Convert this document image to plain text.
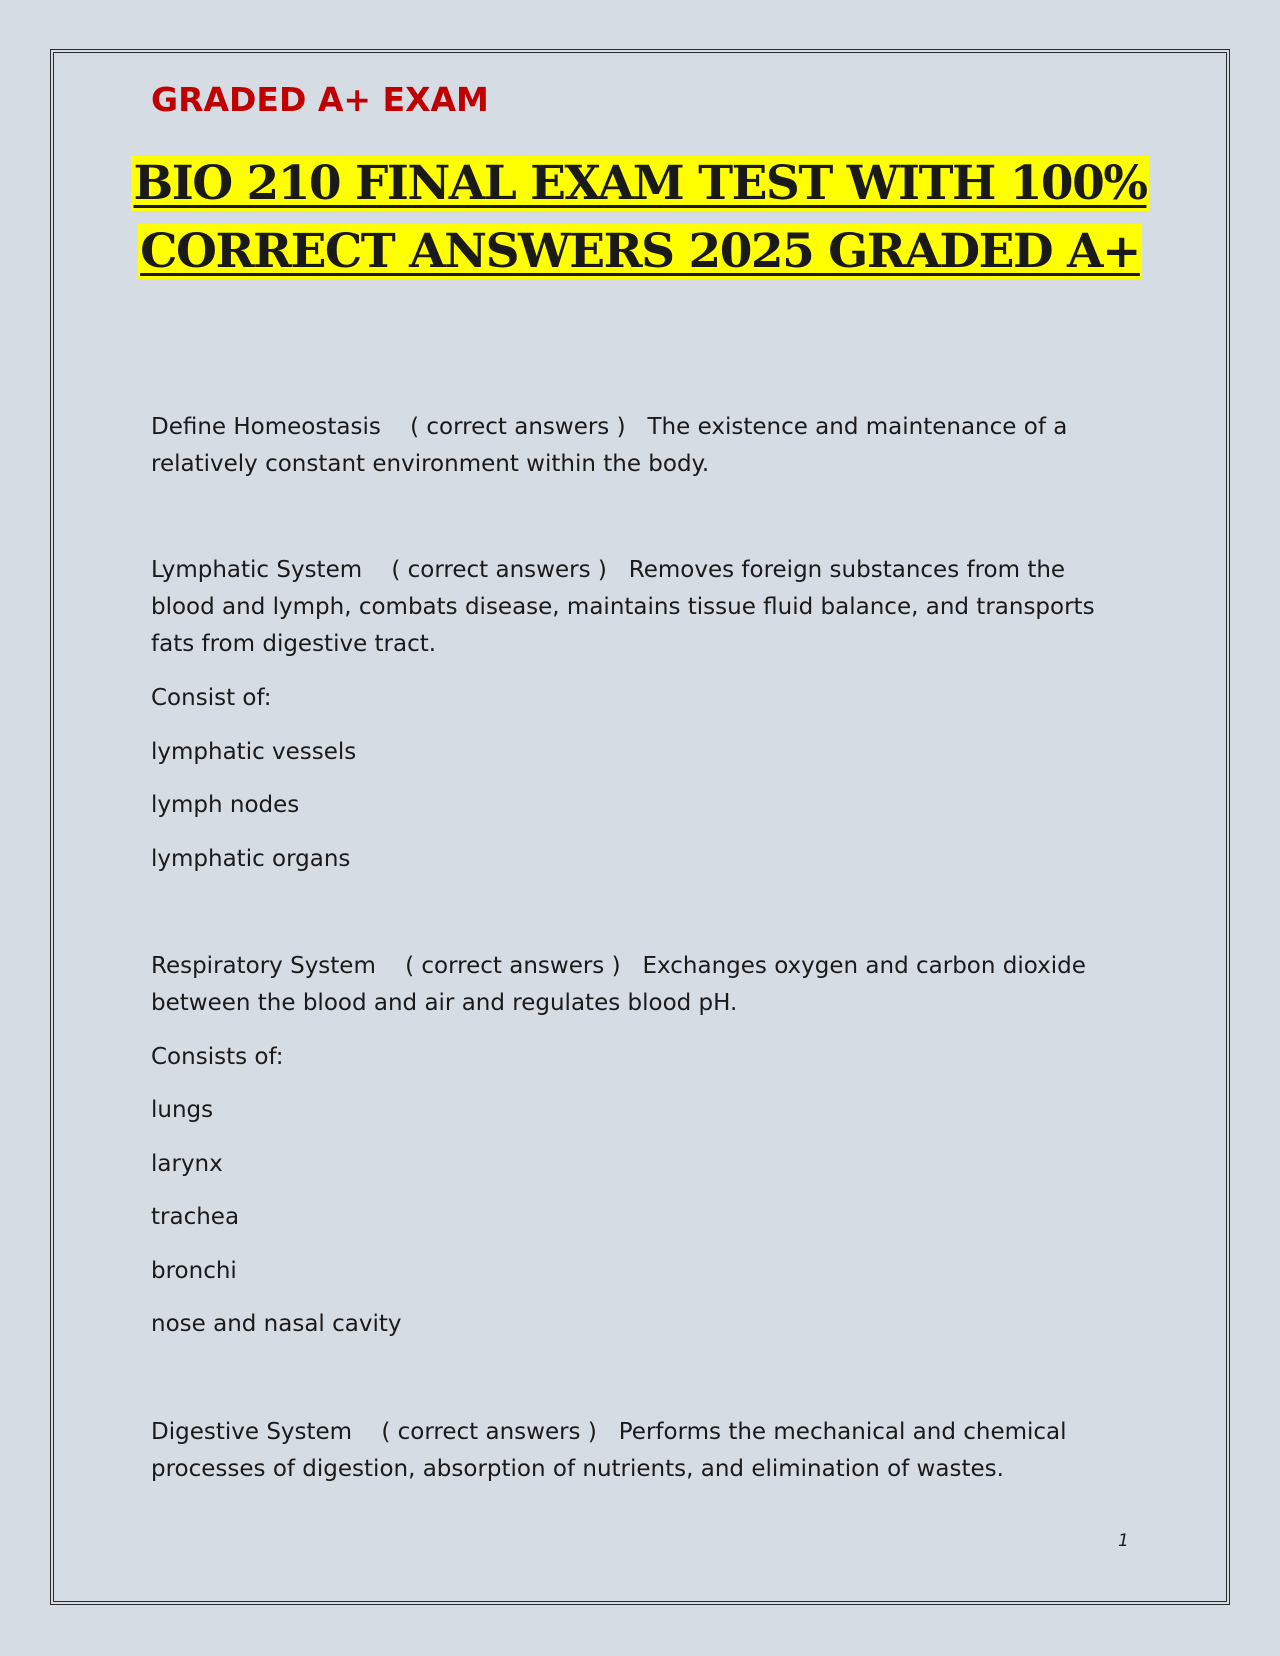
GRADED A+ EXAM

BIO 210 FINAL EXAM TEST WITH 100%
CORRECT ANSWERS 2025 GRADED A+

Define Homeostasis ( correct answers ) The existence and maintenance of a relatively constant environment within the body.

Lymphatic System ( correct answers ) Removes foreign substances from the blood and lymph, combats disease, maintains tissue fluid balance, and transports fats from digestive tract.

Consist of:

lymphatic vessels

lymph nodes

lymphatic organs

Respiratory System ( correct answers ) Exchanges oxygen and carbon dioxide between the blood and air and regulates blood pH.

Consists of:

lungs

larynx

trachea

bronchi

nose and nasal cavity

Digestive System ( correct answers ) Performs the mechanical and chemical processes of digestion, absorption of nutrients, and elimination of wastes.

1
